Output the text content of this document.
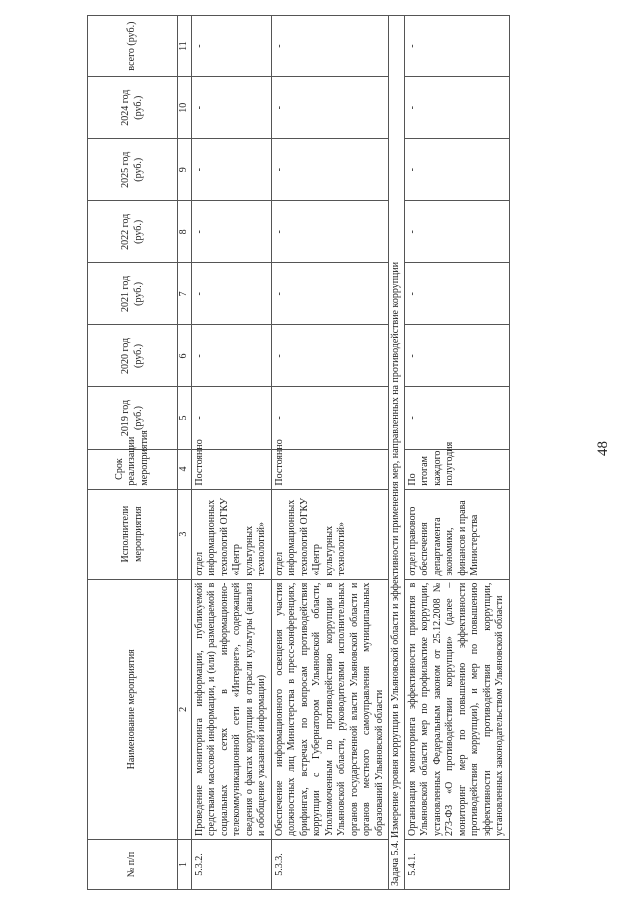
48
№ п/п	Наименование мероприятия	Исполнители мероприятия	Срок реализации мероприятия	2019 год (руб.)	2020 год (руб.)	2021 год (руб.)	2022 год (руб.)	2025 год (руб.)	2024 год (руб.)	всего (руб.)
1	2	3	4	5	6	7	8	9	10	11
5.3.2.	Проведение мониторинга информации, публикуемой средствами массовой информации, и (или) размещаемой в социальных сетях в информационно-телекоммуникационной сети «Интернет», содержащей сведения о фактах коррупции в отрасли культуры (анализ и обобщение указанной информации)	отдел информационных технологий ОГКУ «Центр культурных технологий»	Постоянно	-	-	-	-	-	-	-
5.3.3.	Обеспечение информационного освещения участия должностных лиц Министерства в пресс-конференциях, брифингах, встречах по вопросам противодействия коррупции с Губернатором Ульяновской области, Уполномоченным по противодействию коррупции в Ульяновской области, руководителями исполнительных органов государственной власти Ульяновской области и органов местного самоуправления муниципальных образований Ульяновской области	отдел информационных технологий ОГКУ «Центр культурных технологий»	Постоянно	-	-	-	-	-	-	-
Задача 5.4. Измерение уровня коррупции в Ульяновской области и эффективности применения мер, направленных на противодействие коррупции										
5.4.1.	Организация мониторинга эффективности принятия в Ульяновской области мер по профилактике коррупции, установленных Федеральным законом от 25.12.2008 № 273-ФЗ «О противодействии коррупции» (далее – мониторинг мер по повышению эффективности противодействия коррупции), и мер по повышению эффективности противодействия коррупции, установленных законодательством Ульяновской области	отдел правового обеспечения департамента экономики, финансов и права Министерства	По итогам каждого полугодия	-	-	-	-	-	-	-
